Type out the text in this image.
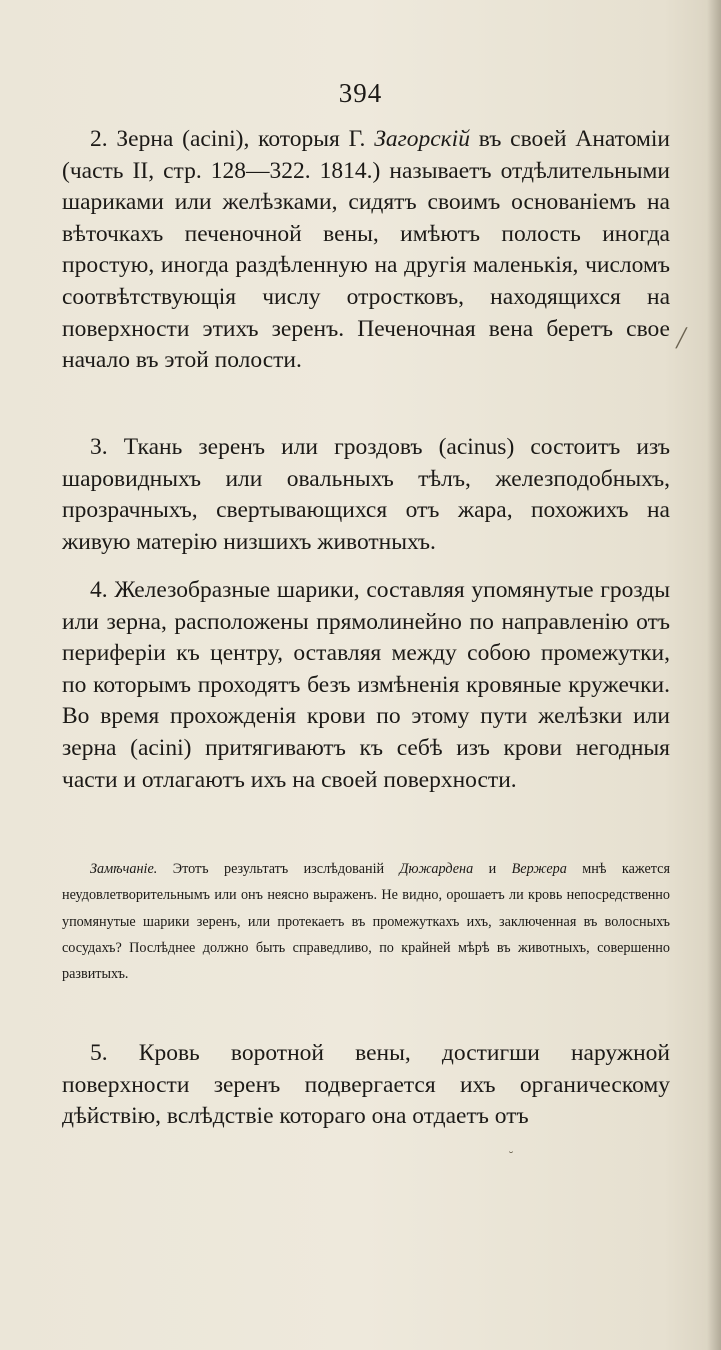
394

2. Зерна (acini), которыя Г. Загорскій въ своей Анатоміи (часть II, стр. 128—322. 1814.) называетъ отдѣлительными шариками или желѣзками, сидятъ своимъ основаніемъ на вѣточкахъ печеночной вены, имѣютъ полость иногда простую, иногда раздѣленную на другія маленькія, числомъ соотвѣтствующія числу отростковъ, находящихся на поверхности этихъ зеренъ. Печеночная вена беретъ свое начало въ этой полости.

3. Ткань зеренъ или гроздовъ (acinus) состоитъ изъ шаровидныхъ или овальныхъ тѣлъ, железподобныхъ, прозрачныхъ, свертывающихся отъ жара, похожихъ на живую матерію низшихъ животныхъ.

4. Железобразные шарики, составляя упомянутые грозды или зерна, расположены прямолинейно по направленію отъ периферіи къ центру, оставляя между собою промежутки, по которымъ проходятъ безъ измѣненія кровяные кружечки. Во время прохожденія крови по этому пути желѣзки или зерна (acini) притягиваютъ къ себѣ изъ крови негодныя части и отлагаютъ ихъ на своей поверхности.

Замѣчаніе. Этотъ результатъ изслѣдованій Дюжардена и Вержера мнѣ кажется неудовлетворительнымъ или онъ неясно выраженъ. Не видно, орошаетъ ли кровь непосредственно упомянутые шарики зеренъ, или протекаетъ въ промежуткахъ ихъ, заключенная въ волосныхъ сосудахъ? Послѣднее должно быть справедливо, по крайней мѣрѣ въ животныхъ, совершенно развитыхъ.

5. Кровь воротной вены, достигши наружной поверхности зеренъ подвергается ихъ органическому дѣйствію, вслѣдствіе котораго она отдаетъ отъ

╱
˘
